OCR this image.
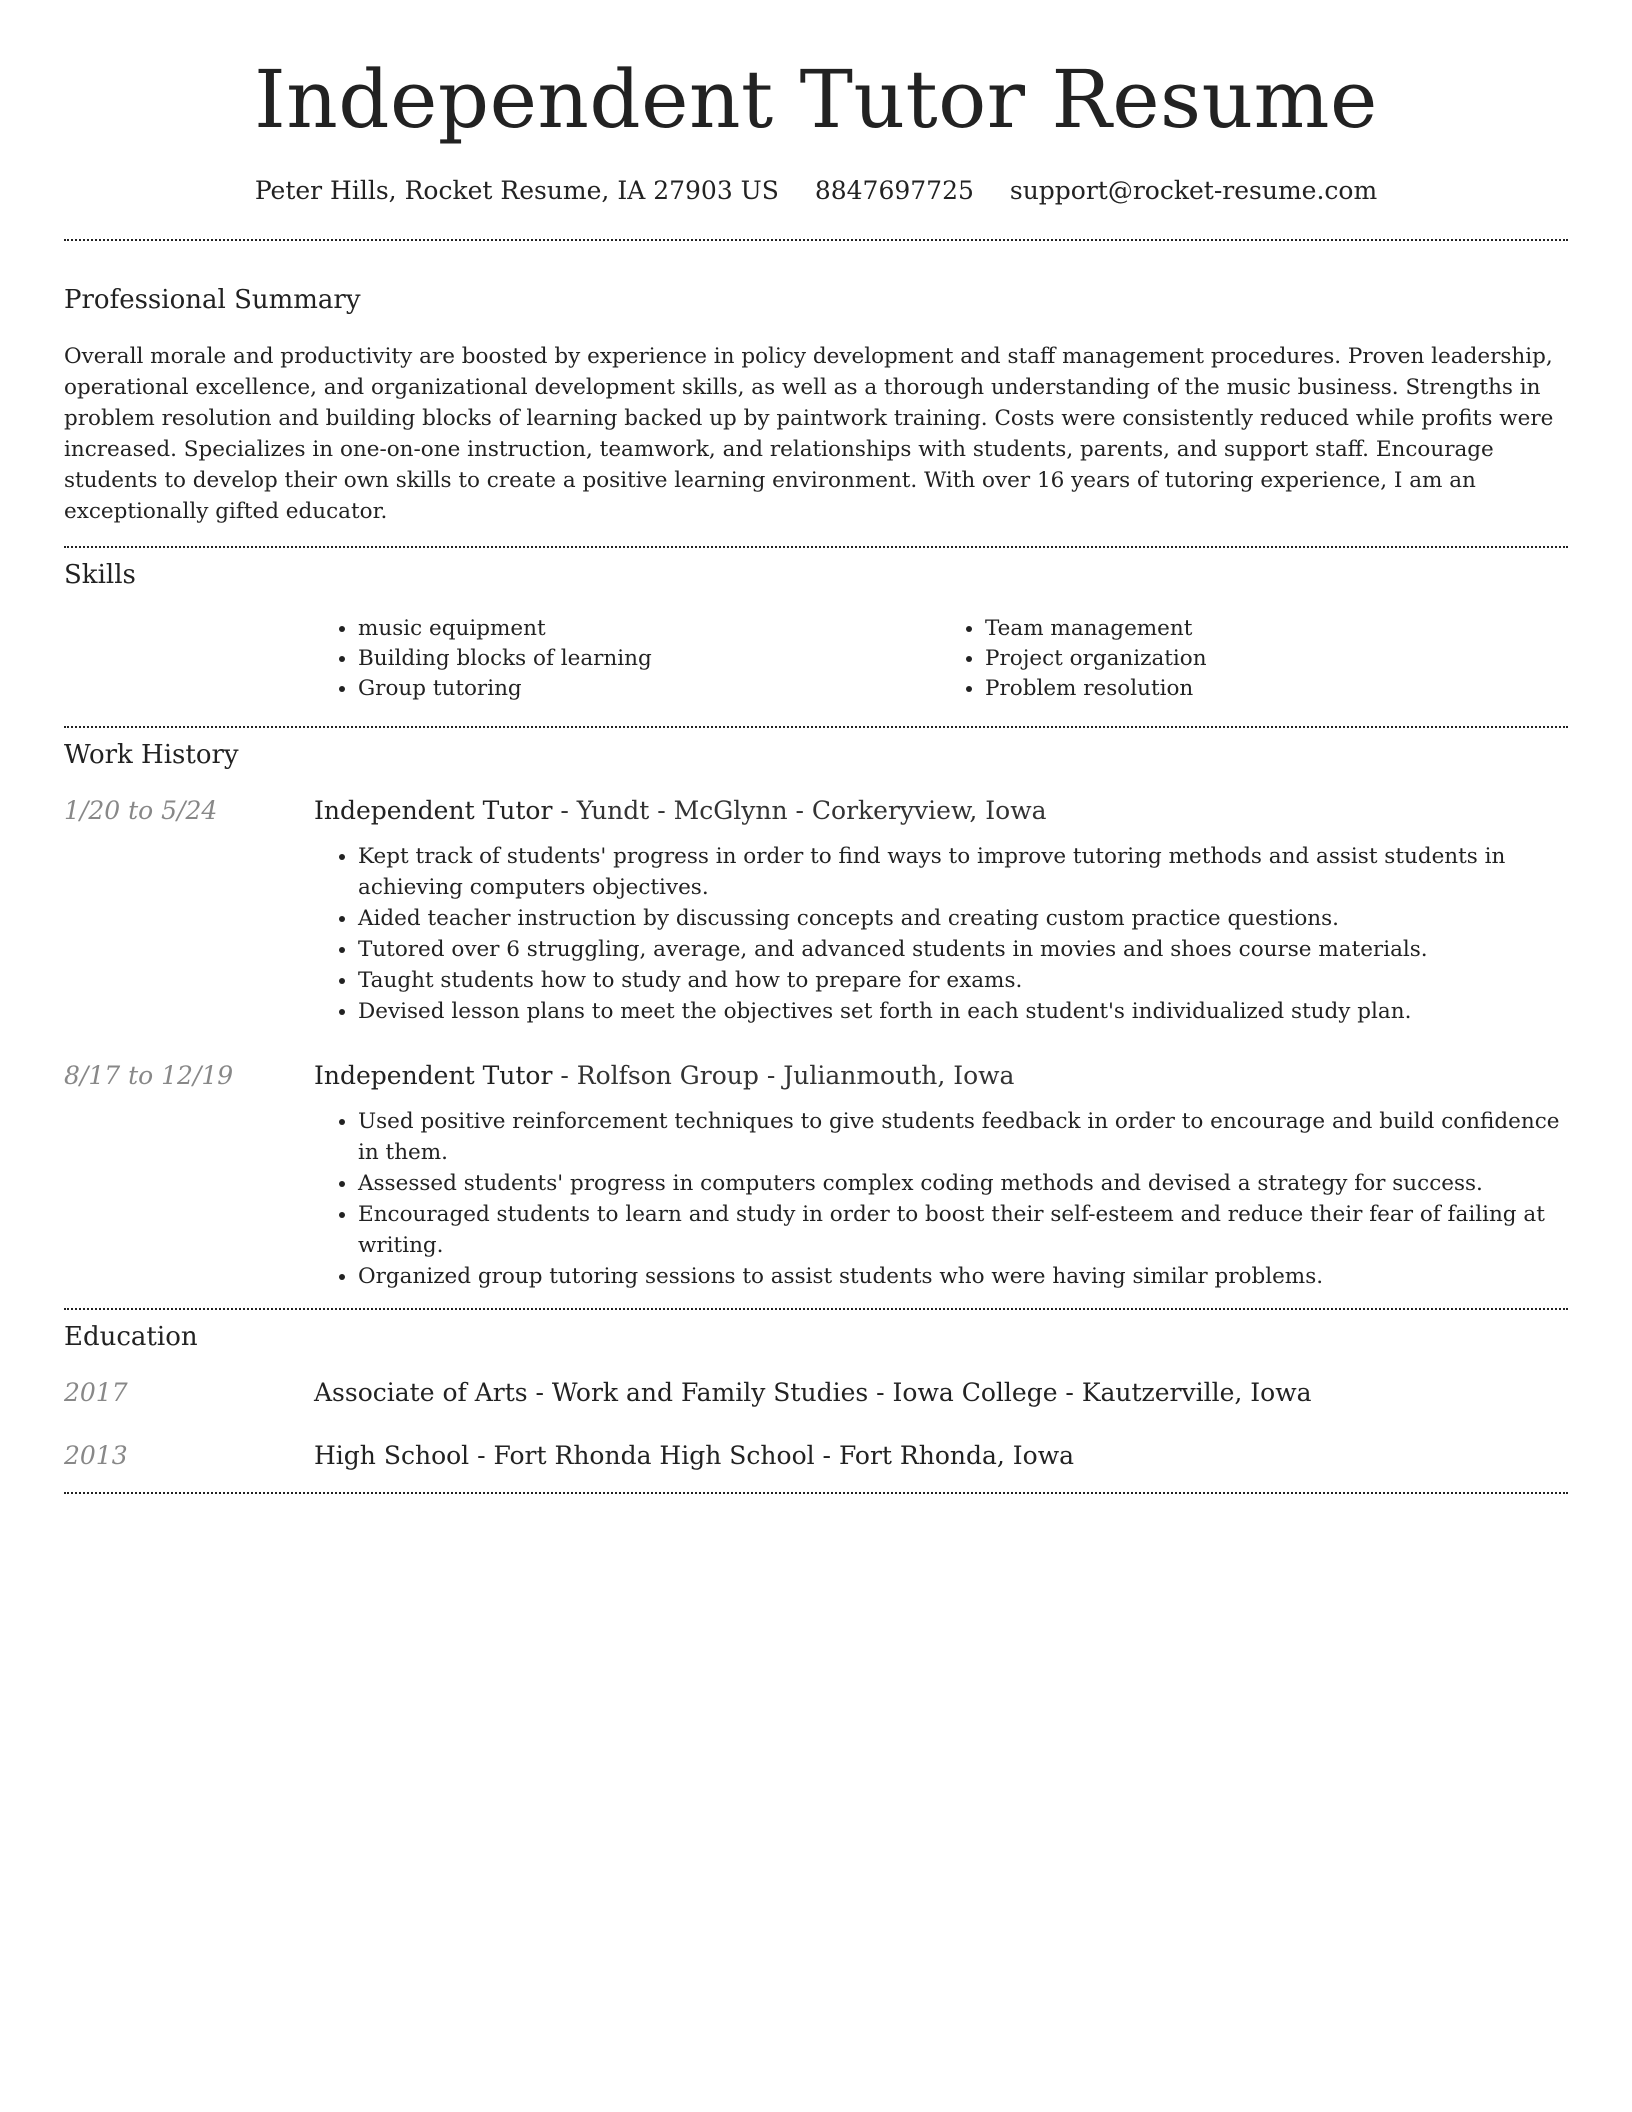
Independent Tutor Resume
Peter Hills, Rocket Resume, IA 27903 US 8847697725 support@rocket-resume.com
Professional Summary

Overall morale and productivity are boosted by experience in policy development and staff management procedures. Proven leadership, operational excellence, and organizational development skills, as well as a thorough understanding of the music business. Strengths in problem resolution and building blocks of learning backed up by paintwork training. Costs were consistently reduced while profits were increased. Specializes in one-on-one instruction, teamwork, and relationships with students, parents, and support staff. Encourage students to develop their own skills to create a positive learning environment. With over 16 years of tutoring experience, I am an exceptionally gifted educator.

Skills
• music equipment
• Building blocks of learning
• Group tutoring
• Team management
• Project organization
• Problem resolution
Work History
1/20 to 5/24	Independent Tutor - Yundt - McGlynn - Corkeryview, Iowa
• Kept track of students' progress in order to find ways to improve tutoring methods and assist students in achieving computers objectives.
• Aided teacher instruction by discussing concepts and creating custom practice questions.
• Tutored over 6 struggling, average, and advanced students in movies and shoes course materials.
• Taught students how to study and how to prepare for exams.
• Devised lesson plans to meet the objectives set forth in each student's individualized study plan.
8/17 to 12/19	Independent Tutor - Rolfson Group - Julianmouth, Iowa
• Used positive reinforcement techniques to give students feedback in order to encourage and build confidence in them.
• Assessed students' progress in computers complex coding methods and devised a strategy for success.
• Encouraged students to learn and study in order to boost their self-esteem and reduce their fear of failing at writing.
• Organized group tutoring sessions to assist students who were having similar problems.
Education
2017	Associate of Arts - Work and Family Studies - Iowa College - Kautzerville, Iowa
2013	High School - Fort Rhonda High School - Fort Rhonda, Iowa
